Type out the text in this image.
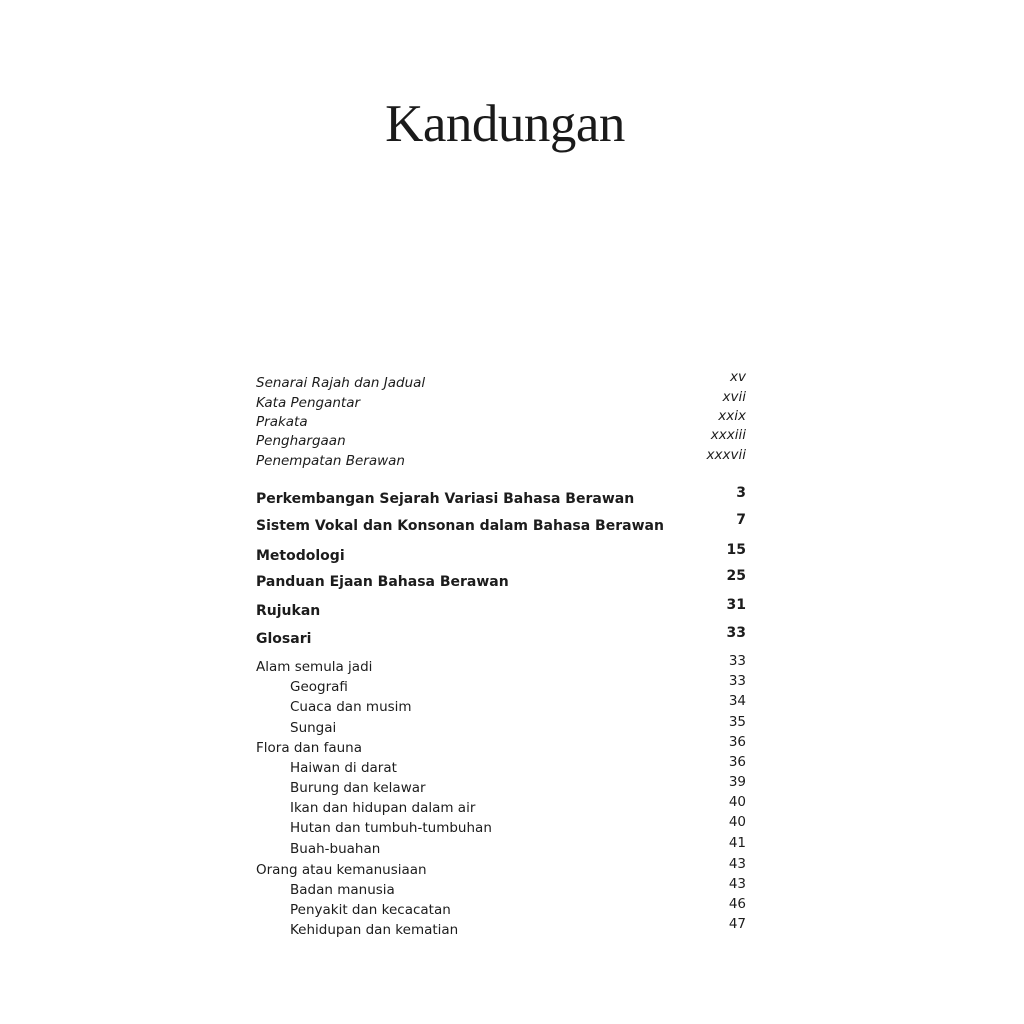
Kandungan
Senarai Rajah dan Jadual	xv
Kata Pengantar	xvii
Prakata	xxix
Penghargaan	xxxiii
Penempatan Berawan	xxxvii
Perkembangan Sejarah Variasi Bahasa Berawan	3
Sistem Vokal dan Konsonan dalam Bahasa Berawan	7
Metodologi	15
Panduan Ejaan Bahasa Berawan	25
Rujukan	31
Glosari	33
Alam semula jadi	33
Geografi	33
Cuaca dan musim	34
Sungai	35
Flora dan fauna	36
Haiwan di darat	36
Burung dan kelawar	39
Ikan dan hidupan dalam air	40
Hutan dan tumbuh-tumbuhan	40
Buah-buahan	41
Orang atau kemanusiaan	43
Badan manusia	43
Penyakit dan kecacatan	46
Kehidupan dan kematian	47
